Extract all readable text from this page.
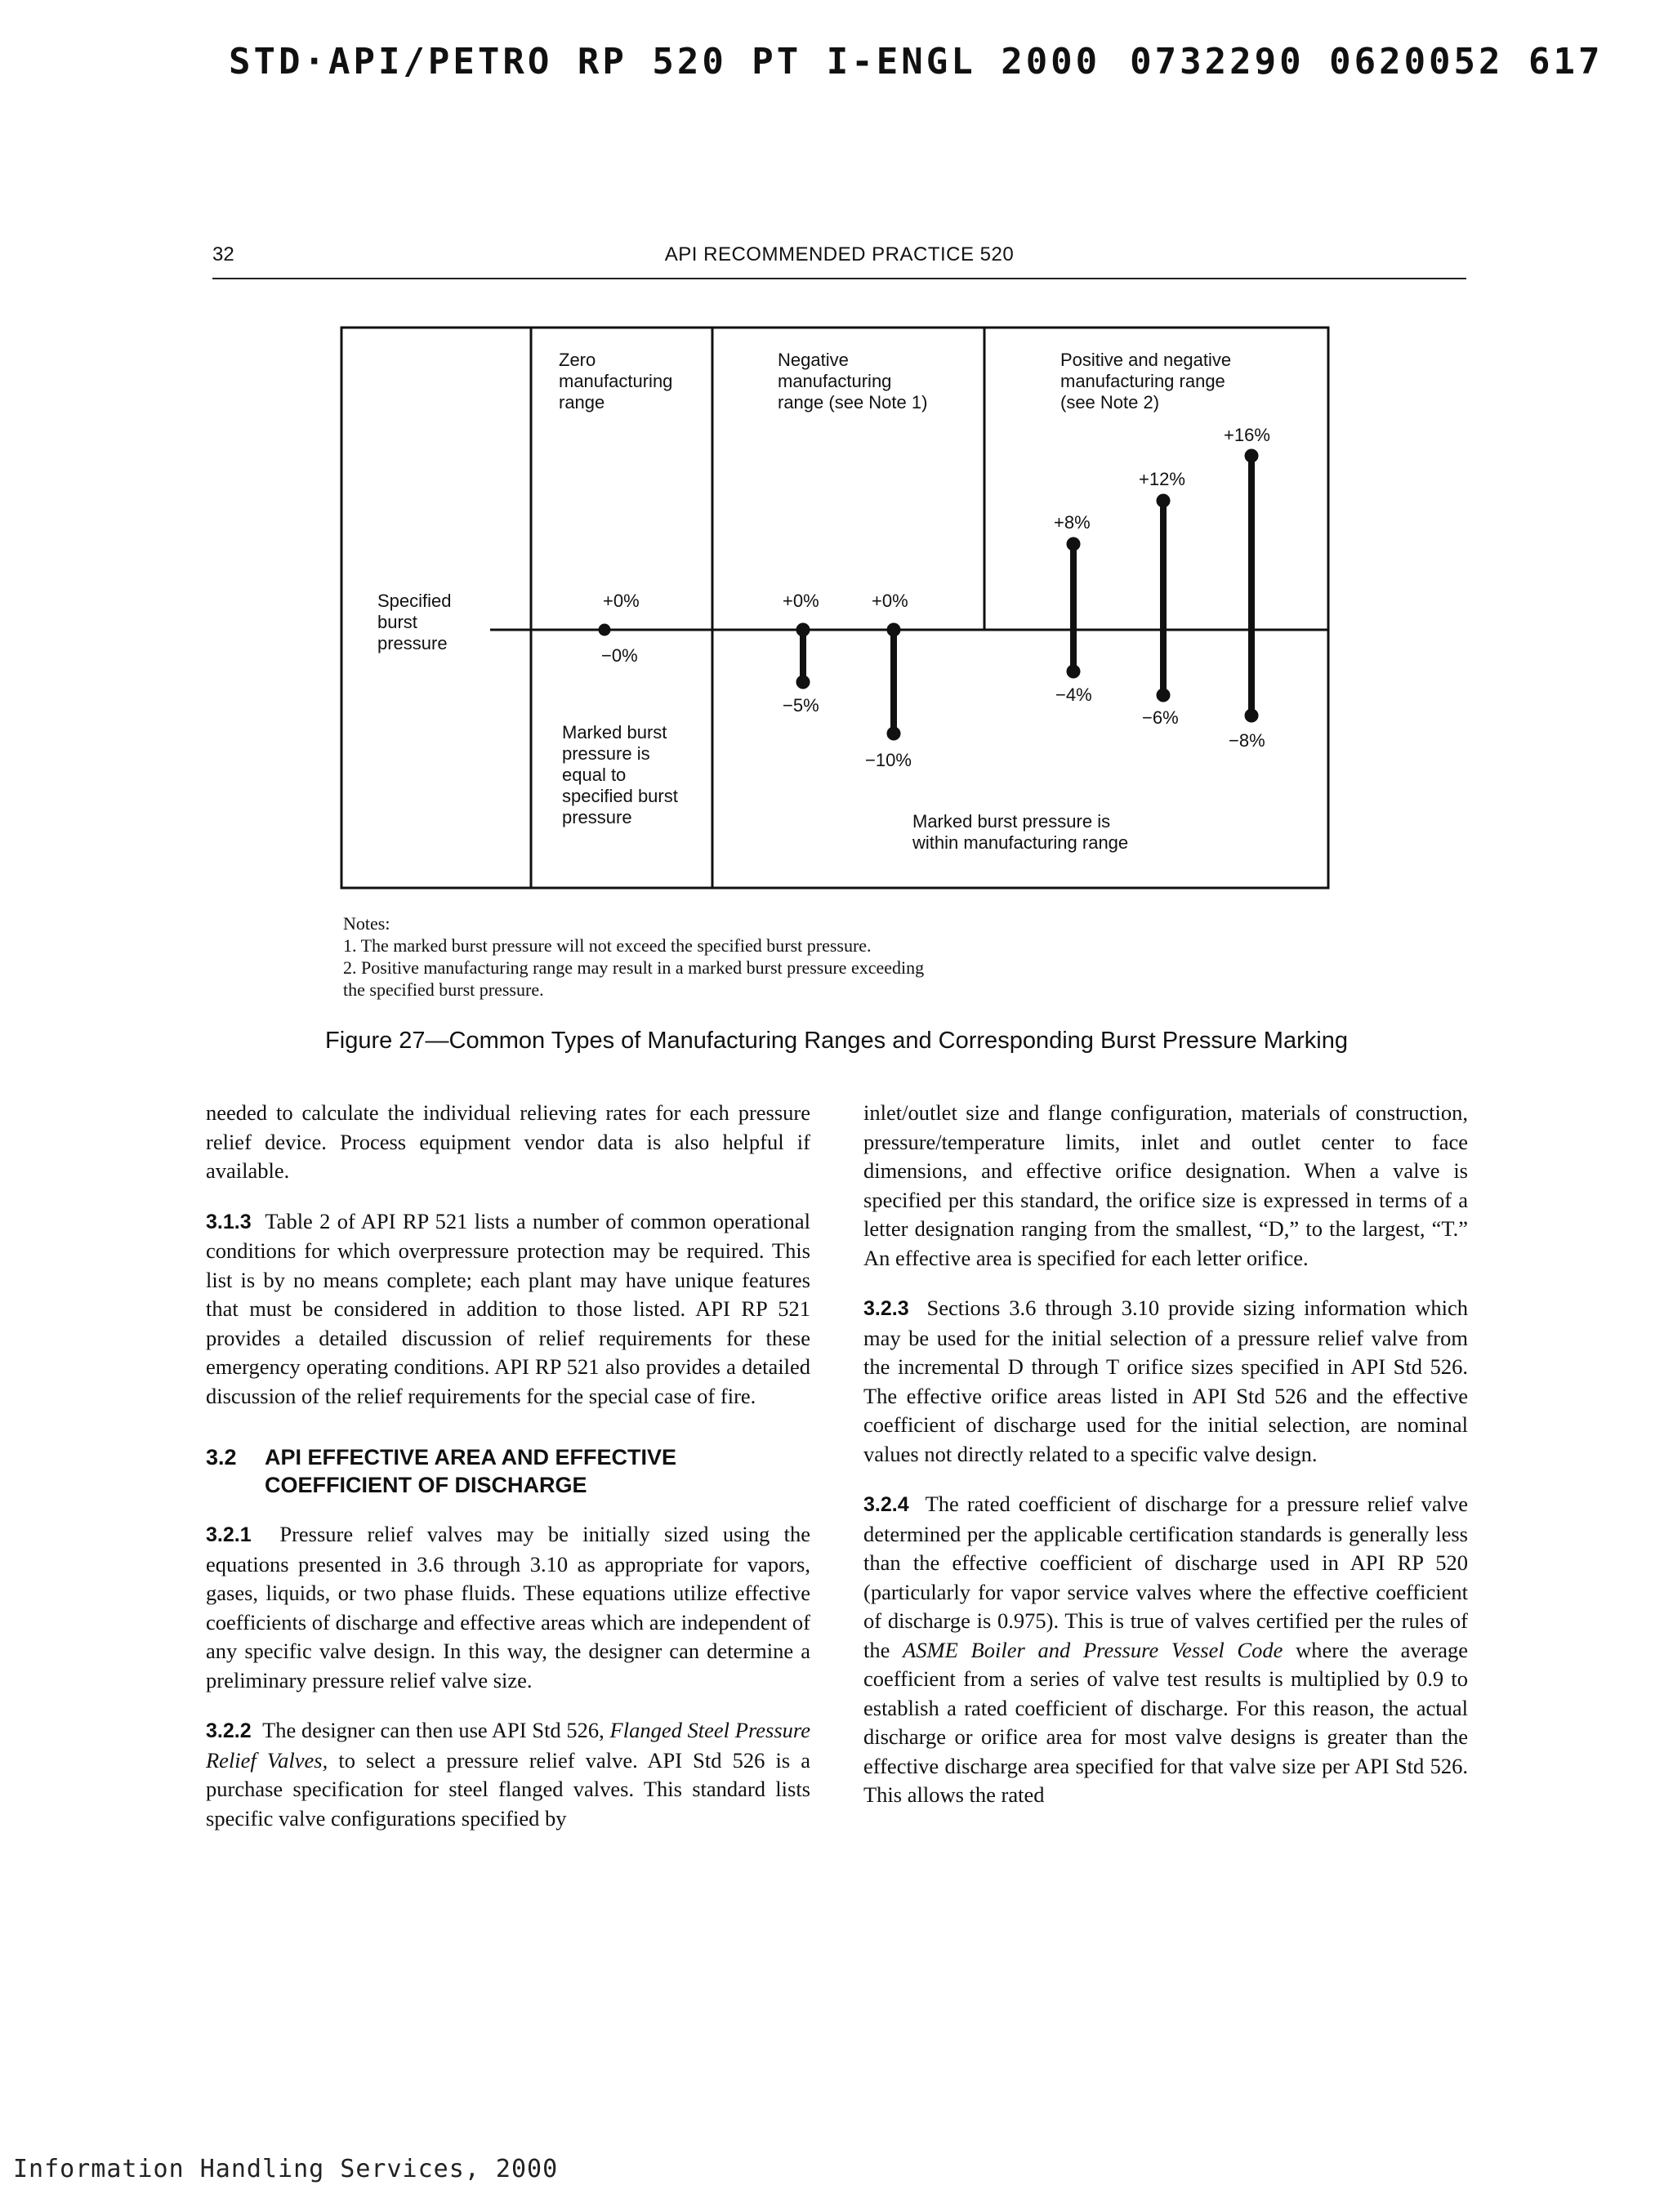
STD·API/PETRO RP 520 PT I-ENGL 2000 0732290 0620052 617
32	API RECOMMENDED PRACTICE 520
Specified
burst
pressure
Zero
manufacturing
range
Negative
manufacturing
range (see Note 1)
Positive and negative
manufacturing range
(see Note 2)
+0%
−0%
+0%	+0%
−5%
−10%
+8%
+12%
+16%
−4%
−6%
−8%
Marked burst
pressure is
equal to
specified burst
pressure	Marked burst pressure is
within manufacturing range
Notes:
1. The marked burst pressure will not exceed the specified burst pressure.
2. Positive manufacturing range may result in a marked burst pressure exceeding
the specified burst pressure.
Figure 27—Common Types of Manufacturing Ranges and Corresponding Burst Pressure Marking

needed to calculate the individual relieving rates for each pressure relief device. Process equipment vendor data is also helpful if available.

3.1.3 Table 2 of API RP 521 lists a number of common operational conditions for which overpressure protection may be required. This list is by no means complete; each plant may have unique features that must be considered in addition to those listed. API RP 521 provides a detailed discussion of relief requirements for these emergency operating conditions. API RP 521 also provides a detailed discussion of the relief requirements for the special case of fire.

3.2	API EFFECTIVE AREA AND EFFECTIVE COEFFICIENT OF DISCHARGE

3.2.1 Pressure relief valves may be initially sized using the equations presented in 3.6 through 3.10 as appropriate for vapors, gases, liquids, or two phase fluids. These equations utilize effective coefficients of discharge and effective areas which are independent of any specific valve design. In this way, the designer can determine a preliminary pressure relief valve size.

3.2.2 The designer can then use API Std 526, Flanged Steel Pressure Relief Valves, to select a pressure relief valve. API Std 526 is a purchase specification for steel flanged valves. This standard lists specific valve configurations specified by

inlet/outlet size and flange configuration, materials of construction, pressure/temperature limits, inlet and outlet center to face dimensions, and effective orifice designation. When a valve is specified per this standard, the orifice size is expressed in terms of a letter designation ranging from the smallest, “D,” to the largest, “T.” An effective area is specified for each letter orifice.

3.2.3 Sections 3.6 through 3.10 provide sizing information which may be used for the initial selection of a pressure relief valve from the incremental D through T orifice sizes specified in API Std 526. The effective orifice areas listed in API Std 526 and the effective coefficient of discharge used for the initial selection, are nominal values not directly related to a specific valve design.

3.2.4 The rated coefficient of discharge for a pressure relief valve determined per the applicable certification standards is generally less than the effective coefficient of discharge used in API RP 520 (particularly for vapor service valves where the effective coefficient of discharge is 0.975). This is true of valves certified per the rules of the ASME Boiler and Pressure Vessel Code where the average coefficient from a series of valve test results is multiplied by 0.9 to establish a rated coefficient of discharge. For this reason, the actual discharge or orifice area for most valve designs is greater than the effective discharge area specified for that valve size per API Std 526. This allows the rated

Information Handling Services, 2000
